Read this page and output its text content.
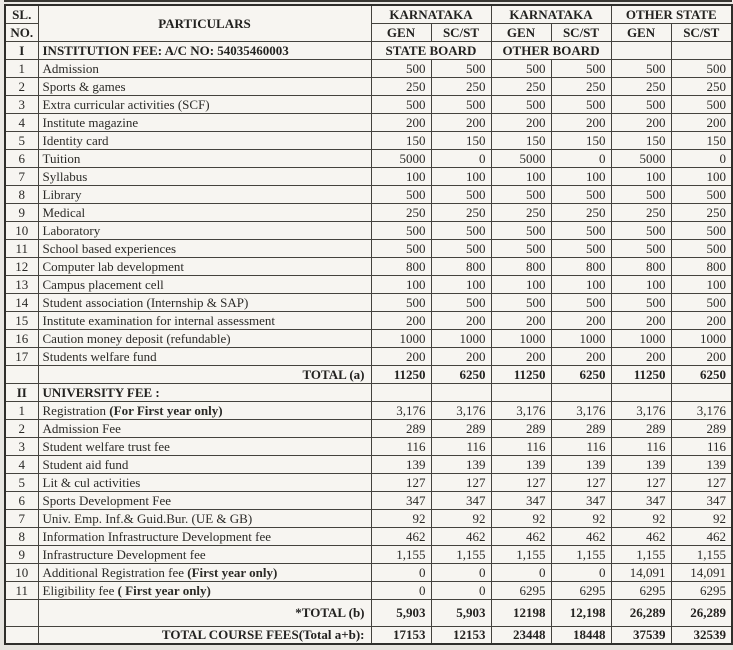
SL.	PARTICULARS	KARNATAKA		KARNATAKA		OTHER STATE	
NO.		GEN	SC/ST	GEN	SC/ST	GEN	SC/ST
I	INSTITUTION FEE: A/C NO: 54035460003	STATE BOARD		OTHER BOARD			
1	Admission	500	500	500	500	500	500
2	Sports & games	250	250	250	250	250	250
3	Extra curricular activities (SCF)	500	500	500	500	500	500
4	Institute magazine	200	200	200	200	200	200
5	Identity card	150	150	150	150	150	150
6	Tuition	5000	0	5000	0	5000	0
7	Syllabus	100	100	100	100	100	100
8	Library	500	500	500	500	500	500
9	Medical	250	250	250	250	250	250
10	Laboratory	500	500	500	500	500	500
11	School based experiences	500	500	500	500	500	500
12	Computer lab development	800	800	800	800	800	800
13	Campus placement cell	100	100	100	100	100	100
14	Student association (Internship & SAP)	500	500	500	500	500	500
15	Institute examination for internal assessment	200	200	200	200	200	200
16	Caution money deposit (refundable)	1000	1000	1000	1000	1000	1000
17	Students welfare fund	200	200	200	200	200	200
	TOTAL (a)	11250	6250	11250	6250	11250	6250
II	UNIVERSITY FEE :						
1	Registration (For First year only)	3,176	3,176	3,176	3,176	3,176	3,176
2	Admission Fee	289	289	289	289	289	289
3	Student welfare trust fee	116	116	116	116	116	116
4	Student aid fund	139	139	139	139	139	139
5	Lit & cul activities	127	127	127	127	127	127
6	Sports Development Fee	347	347	347	347	347	347
7	Univ. Emp. Inf.& Guid.Bur. (UE & GB)	92	92	92	92	92	92
8	Information Infrastructure Development fee	462	462	462	462	462	462
9	Infrastructure Development fee	1,155	1,155	1,155	1,155	1,155	1,155
10	Additional Registration fee (First year only)	0	0	0	0	14,091	14,091
11	Eligibility fee ( First year only)	0	0	6295	6295	6295	6295
	*TOTAL (b)	5,903	5,903	12198	12,198	26,289	26,289
	TOTAL COURSE FEES(Total a+b):	17153	12153	23448	18448	37539	32539
